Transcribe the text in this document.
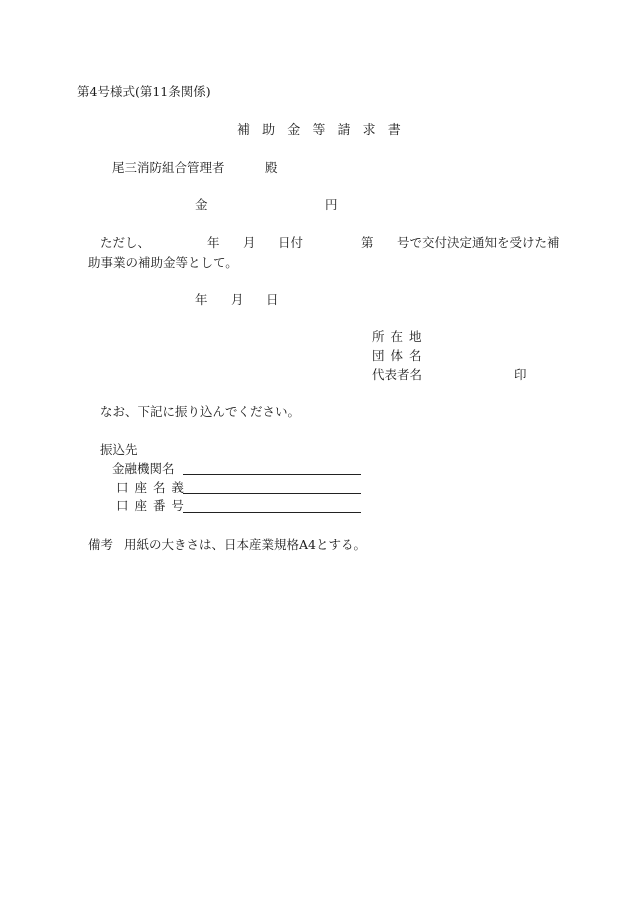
第4号様式(第11条関係)
補 助 金 等 請 求 書
尾三消防組合管理者	殿
金	円
ただし、	年 月 日付	第 号で交付決定通知を受けた補
助事業の補助金等として。
年 月 日
所 在 地
団 体 名
代表者名	印
なお、下記に振り込んでください。
振込先
金融機関名
口 座 名 義
口 座 番 号
備考 用紙の大きさは、日本産業規格A4とする。
